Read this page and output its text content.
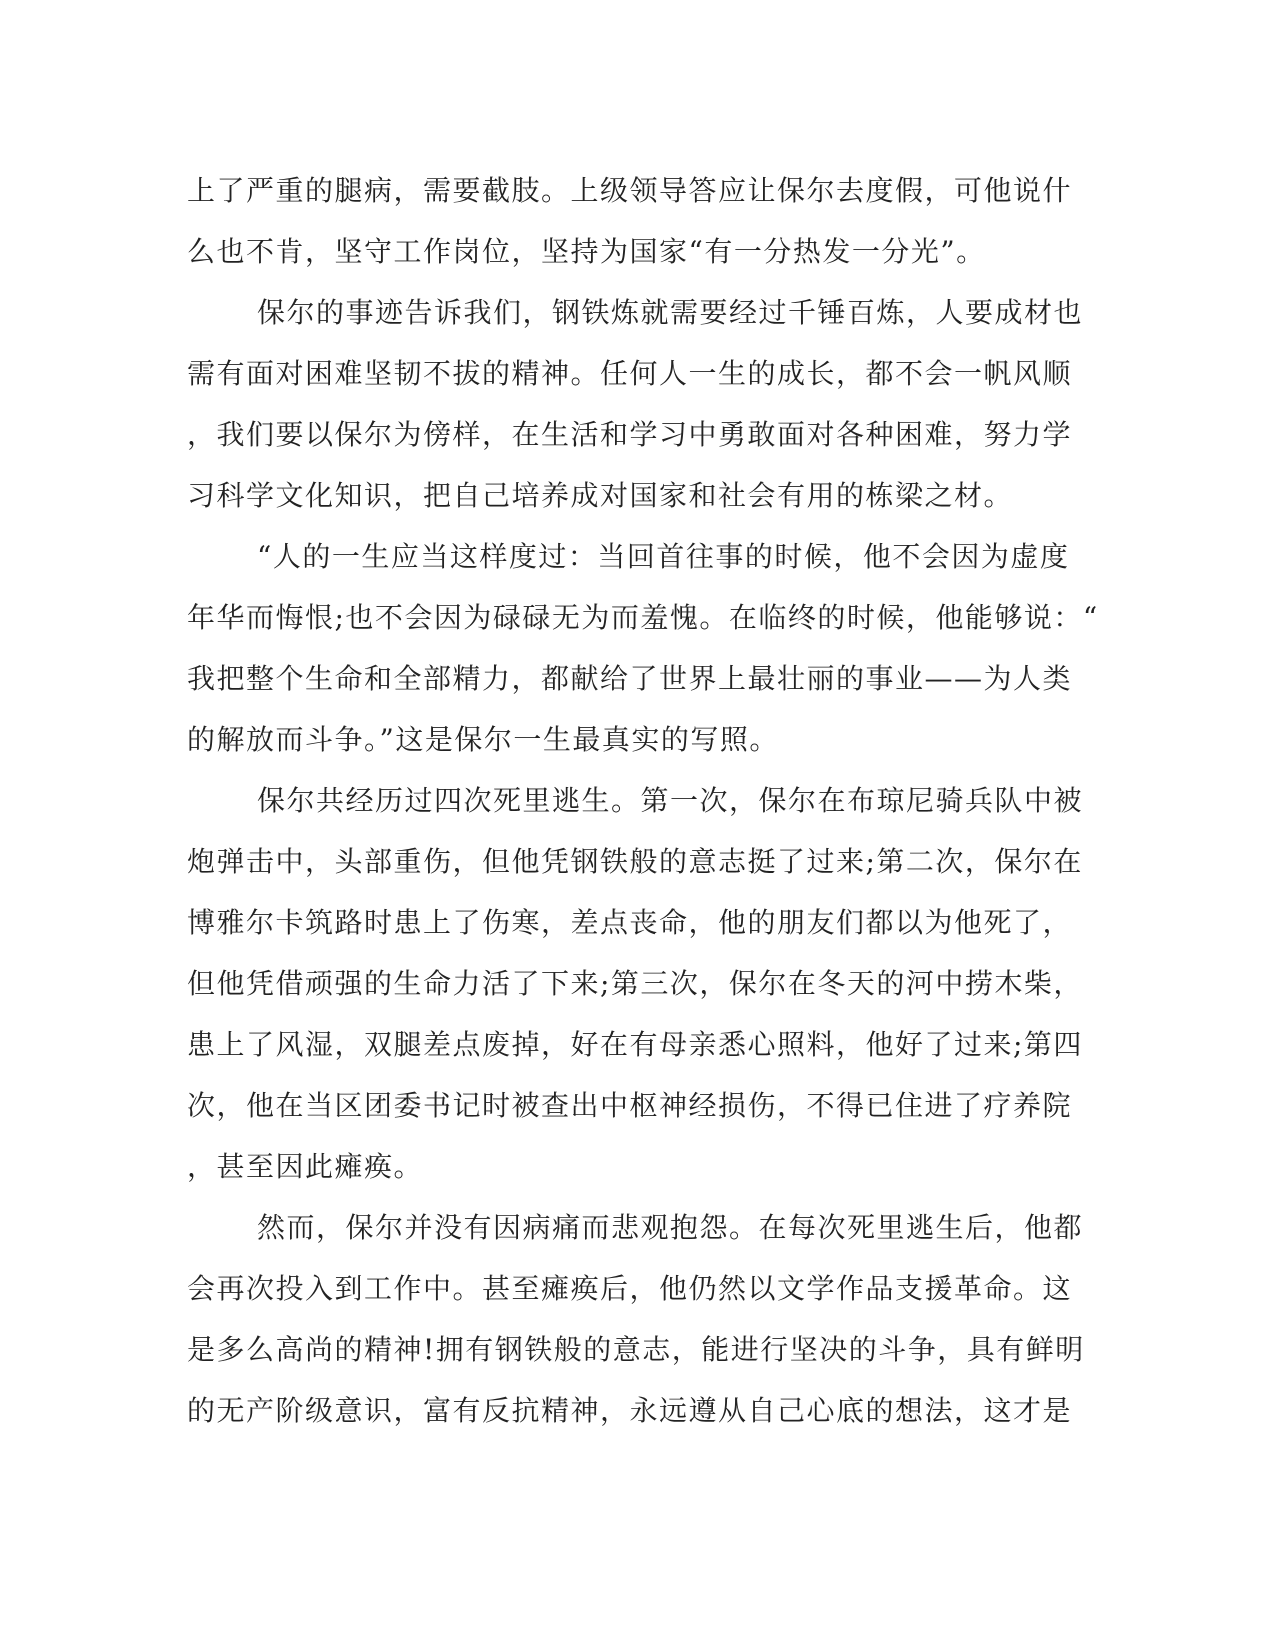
上了严重的腿病，需要截肢。上级领导答应让保尔去度假，可他说什
么也不肯，坚守工作岗位，坚持为国家“有一分热发一分光”。
保尔的事迹告诉我们，钢铁炼就需要经过千锤百炼，人要成材也
需有面对困难坚韧不拔的精神。任何人一生的成长，都不会一帆风顺
，我们要以保尔为傍样，在生活和学习中勇敢面对各种困难，努力学
习科学文化知识，把自己培养成对国家和社会有用的栋梁之材。
“人的一生应当这样度过：当回首往事的时候，他不会因为虚度
年华而悔恨;也不会因为碌碌无为而羞愧。在临终的时候，他能够说：“
我把整个生命和全部精力，都献给了世界上最壮丽的事业——为人类
的解放而斗争。”这是保尔一生最真实的写照。
保尔共经历过四次死里逃生。第一次，保尔在布琼尼骑兵队中被
炮弹击中，头部重伤，但他凭钢铁般的意志挺了过来;第二次，保尔在
博雅尔卡筑路时患上了伤寒，差点丧命，他的朋友们都以为他死了，
但他凭借顽强的生命力活了下来;第三次，保尔在冬天的河中捞木柴，
患上了风湿，双腿差点废掉，好在有母亲悉心照料，他好了过来;第四
次，他在当区团委书记时被查出中枢神经损伤，不得已住进了疗养院
，甚至因此瘫痪。
然而，保尔并没有因病痛而悲观抱怨。在每次死里逃生后，他都
会再次投入到工作中。甚至瘫痪后，他仍然以文学作品支援革命。这
是多么高尚的精神!拥有钢铁般的意志，能进行坚决的斗争，具有鲜明
的无产阶级意识，富有反抗精神，永远遵从自己心底的想法，这才是
